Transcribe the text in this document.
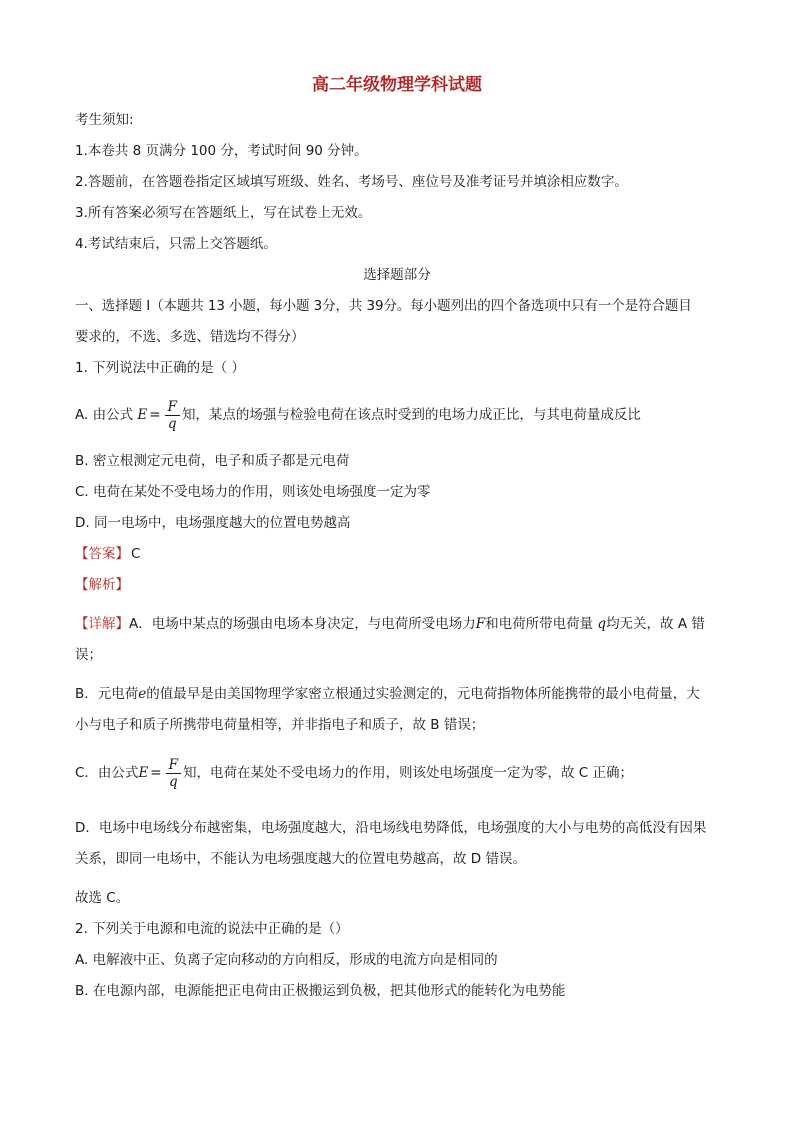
高二年级物理学科试题
考生须知:
1.本卷共 8 页满分 100 分，考试时间 90 分钟。
2.答题前，在答题卷指定区域填写班级、姓名、考场号、座位号及准考证号并填涂相应数字。
3.所有答案必须写在答题纸上，写在试卷上无效。
4.考试结束后，只需上交答题纸。
选择题部分
一、选择题 Ⅰ（本题共 13 小题，每小题 3分，共 39分。每小题列出的四个备选项中只有一个是符合题目
要求的，不选、多选、错选均不得分）
1. 下列说法中正确的是（ ）
A. 由公式 $E = \frac{F}{q}$ 知，某点的场强与检验电荷在该点时受到的电场力成正比，与其电荷量成反比
B. 密立根测定元电荷，电子和质子都是元电荷
C. 电荷在某处不受电场力的作用，则该处电场强度一定为零
D. 同一电场中，电场强度越大的位置电势越高
【答案】 C
【解析】
【详解】A．电场中某点的场强由电场本身决定，与电荷所受电场力F和电荷所带电荷量 q均无关，故 A 错
误；
B．元电荷e的值最早是由美国物理学家密立根通过实验测定的，元电荷指物体所能携带的最小电荷量，大
小与电子和质子所携带电荷量相等，并非指电子和质子，故 B 错误；
C．由公式$E = \frac{F}{q}$ 知，电荷在某处不受电场力的作用，则该处电场强度一定为零，故 C 正确；
D．电场中电场线分布越密集，电场强度越大，沿电场线电势降低，电场强度的大小与电势的高低没有因果
关系，即同一电场中，不能认为电场强度越大的位置电势越高，故 D 错误。
故选 C。
2. 下列关于电源和电流的说法中正确的是（）
A. 电解液中正、负离子定向移动的方向相反，形成的电流方向是相同的
B. 在电源内部，电源能把正电荷由正极搬运到负极，把其他形式的能转化为电势能
